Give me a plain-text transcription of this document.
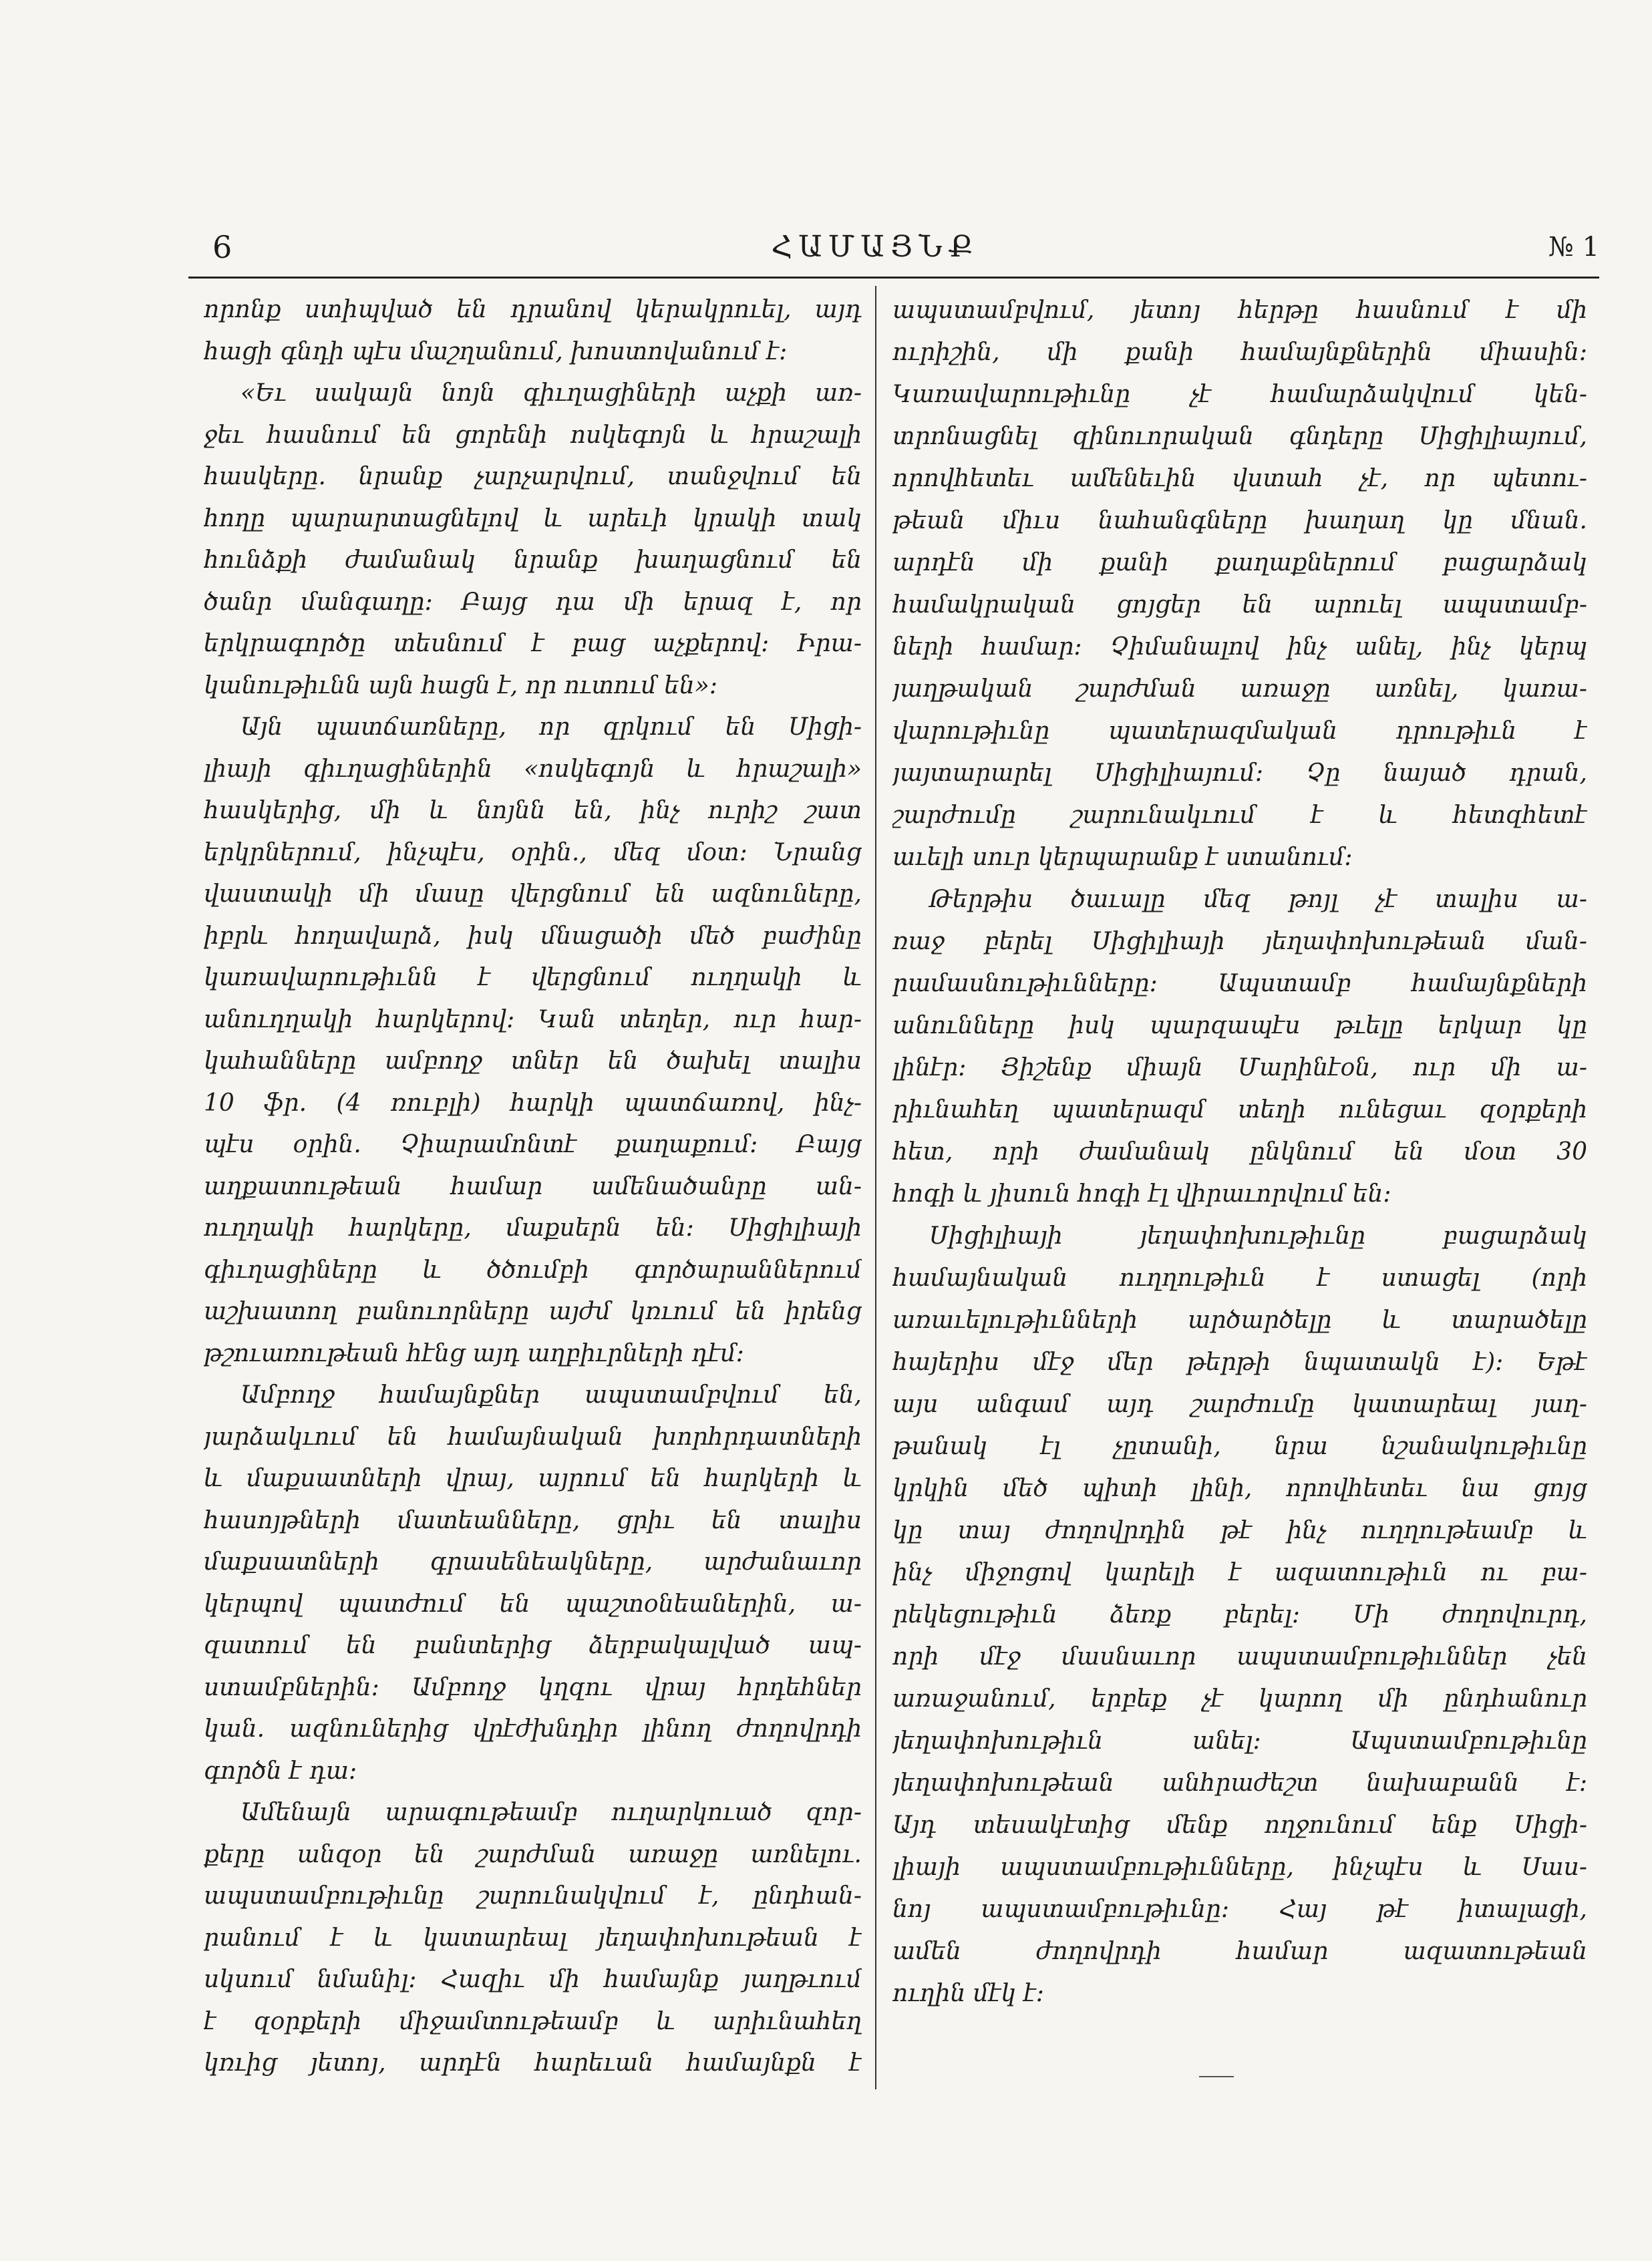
6	ՀԱՄԱՅՆՔ	№ 1
որոնք ստիպված են դրանով կերակրուել, այդ
հացի գնդի պէս մաշղանում, խոստովանում է:
«Եւ սակայն նոյն գիւղացիների աչքի առ-
ջեւ հասնում են ցորենի ոսկեգոյն և հրաշալի
հասկերը. նրանք չարչարվում, տանջվում են
հողը պարարտացնելով և արեւի կրակի տակ
հունձքի ժամանակ նրանք խաղացնում են
ծանր մանգաղը: Բայց դա մի երազ է, որ
երկրագործը տեսնում է բաց աչքերով: Իրա-
կանութիւնն այն հացն է, որ ուտում են»:
Այն պատճառները, որ զրկում են Սիցի-
լիայի գիւղացիներին «ոսկեգոյն և հրաշալի»
հասկերից, մի և նոյնն են, ինչ ուրիշ շատ
երկրներում, ինչպէս, օրին., մեզ մօտ: Նրանց
վաստակի մի մասը վերցնում են ազնուները,
իբրև հողավարձ, իսկ մնացածի մեծ բաժինը
կառավարութիւնն է վերցնում ուղղակի և
անուղղակի հարկերով: Կան տեղեր, ուր հար-
կահանները ամբողջ տներ են ծախել տալիս
10 ֆր. (4 ռուբլի) հարկի պատճառով, ինչ-
պէս օրին. Չիարամոնտէ քաղաքում: Բայց
աղքատութեան համար ամենածանրը ան-
ուղղակի հարկերը, մաքսերն են: Սիցիլիայի
գիւղացիները և ծծումբի գործարաններում
աշխատող բանուորները այժմ կռւում են իրենց
թշուառութեան հէնց այդ աղբիւրների դէմ:
Ամբողջ համայնքներ ապստամբվում են,
յարձակւում են համայնական խորհրդատների
և մաքսատների վրայ, այրում են հարկերի և
հասոյթների մատեանները, ցրիւ են տալիս
մաքսատների գրասենեակները, արժանաւոր
կերպով պատժում են պաշտօնեաներին, ա-
զատում են բանտերից ձերբակալված ապ-
ստամբներին: Ամբողջ կղզու վրայ հրդեհներ
կան. ազնուներից վրէժխնդիր լինող ժողովրդի
գործն է դա:
Ամենայն արագութեամբ ուղարկուած զոր-
քերը անզօր են շարժման առաջը առնելու.
ապստամբութիւնը շարունակվում է, ընդհան-
րանում է և կատարեալ յեղափոխութեան է
սկսում նմանիլ: Հազիւ մի համայնք յաղթւում
է զօրքերի միջամտութեամբ և արիւնահեղ
կռւից յետոյ, արդէն հարեւան համայնքն է
ապստամբվում, յետոյ հերթը հասնում է մի
ուրիշին, մի քանի համայնքներին միասին:
Կառավարութիւնը չէ համարձակվում կեն-
տրոնացնել զինուորական գնդերը Սիցիլիայում,
որովհետեւ ամենեւին վստահ չէ, որ պետու-
թեան միւս նահանգները խաղաղ կը մնան.
արդէն մի քանի քաղաքներում բացարձակ
համակրական ցոյցեր են արուել ապստամբ-
ների համար: Չիմանալով ինչ անել, ինչ կերպ
յաղթական շարժման առաջը առնել, կառա-
վարութիւնը պատերազմական դրութիւն է
յայտարարել Սիցիլիայում: Չը նայած դրան,
շարժումը շարունակւում է և հետզհետէ
աւելի սուր կերպարանք է ստանում:
Թերթիս ծաւալը մեզ թոյլ չէ տալիս ա-
ռաջ բերել Սիցիլիայի յեղափոխութեան ման-
րամասնութիւնները: Ապստամբ համայնքների
անունները իսկ պարզապէս թւելը երկար կը
լինէր: Յիշենք միայն Մարինէօն, ուր մի ա-
րիւնահեղ պատերազմ տեղի ունեցաւ զօրքերի
հետ, որի ժամանակ ընկնում են մօտ 30
հոգի և յիսուն հոգի էլ վիրաւորվում են:
Սիցիլիայի յեղափոխութիւնը բացարձակ
համայնական ուղղութիւն է ստացել (որի
առաւելութիւնների արծարծելը և տարածելը
հայերիս մէջ մեր թերթի նպատակն է): Եթէ
այս անգամ այդ շարժումը կատարեալ յաղ-
թանակ էլ չըտանի, նրա նշանակութիւնը
կրկին մեծ պիտի լինի, որովհետեւ նա ցոյց
կը տայ ժողովրդին թէ ինչ ուղղութեամբ և
ինչ միջոցով կարելի է ազատութիւն ու բա-
րեկեցութիւն ձեռք բերել: Մի ժողովուրդ,
որի մէջ մասնաւոր ապստամբութիւններ չեն
առաջանում, երբեք չէ կարող մի ընդհանուր
յեղափոխութիւն անել: Ապստամբութիւնը
յեղափոխութեան անհրաժեշտ նախաբանն է:
Այդ տեսակէտից մենք ողջունում ենք Սիցի-
լիայի ապստամբութիւնները, ինչպէս և Սաս-
նոյ ապստամբութիւնը: Հայ թէ իտալացի,
ամեն ժողովրդի համար ազատութեան
ուղին մէկ է:
